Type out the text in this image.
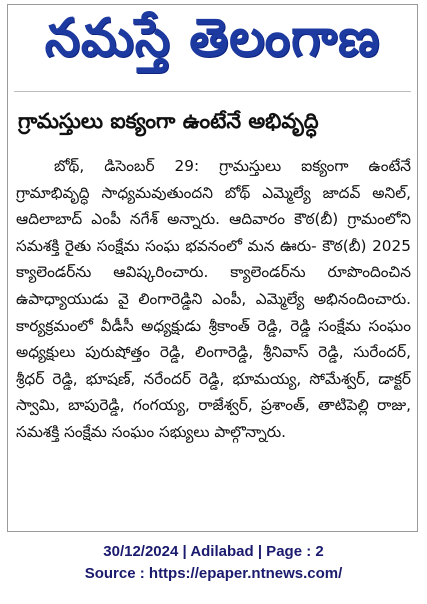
నమస్తే తెలంగాణ
గ్రామస్తులు ఐక్యంగా ఉంటేనే అభివృద్ధి
బోథ్, డిసెంబర్ 29: గ్రామస్తులు ఐక్యంగా ఉంటేనే గ్రామాభివృద్ధి సాధ్యమవుతుందని బోథ్ ఎమ్మెల్యే జాదవ్ అనిల్, ఆదిలాబాద్ ఎంపీ నగేశ్ అన్నారు. ఆదివారం కౌఠ(బీ) గ్రామంలోని సమశక్తి రైతు సంక్షేమ సంఘ భవనంలో మన ఊరు- కౌఠ(బీ) 2025 క్యాలెండర్‌ను ఆవిష్కరించారు. క్యాలెండర్‌ను రూపొందించిన ఉపాధ్యాయుడు వై లింగారెడ్డిని ఎంపీ, ఎమ్మెల్యే అభినందించారు. కార్యక్రమంలో వీడీసీ అధ్యక్షుడు శ్రీకాంత్ రెడ్డి, రెడ్డి సంక్షేమ సంఘం అధ్యక్షులు పురుషోత్తం రెడ్డి, లింగారెడ్డి, శ్రీనివాస్ రెడ్డి, సురేందర్, శ్రీధర్ రెడ్డి, భూషణ్, నరేందర్ రెడ్డి, భూమయ్య, సోమేశ్వర్, డాక్టర్ స్వామి, బాపురెడ్డి, గంగయ్య, రాజేశ్వర్, ప్రశాంత్, తాటిపెల్లి రాజు, సమశక్తి సంక్షేమ సంఘం సభ్యులు పాల్గొన్నారు.
30/12/2024 | Adilabad | Page : 2
Source : https://epaper.ntnews.com/
